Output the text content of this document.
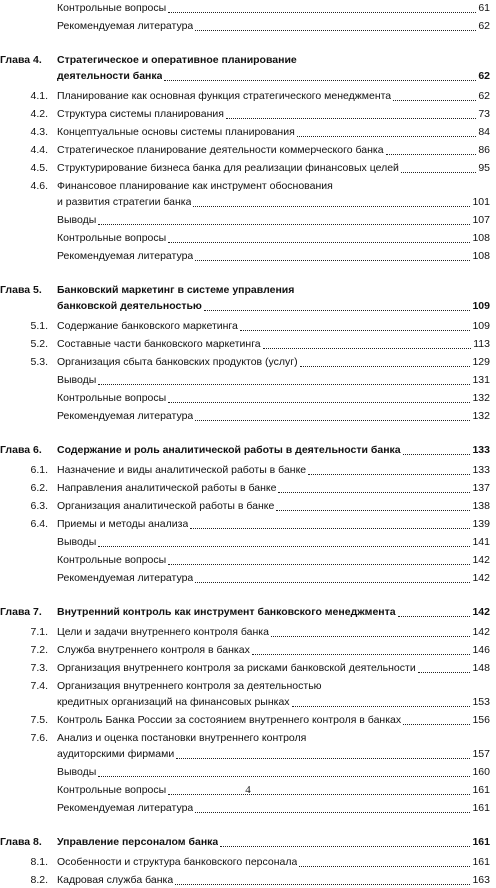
Контрольные вопросы	61
Рекомендуемая литература	62
Глава 4. Стратегическое и оперативное планирование
деятельности банка	62
4.1. Планирование как основная функция стратегического менеджмента	62
4.2. Структура системы планирования	73
4.3. Концептуальные основы системы планирования	84
4.4. Стратегическое планирование деятельности коммерческого банка	86
4.5. Структурирование бизнеса банка для реализации финансовых целей	95
4.6. Финансовое планирование как инструмент обоснования
и развития стратегии банка	101
Выводы	107
Контрольные вопросы	108
Рекомендуемая литература	108
Глава 5. Банковский маркетинг в системе управления
банковской деятельностью	109
5.1. Содержание банковского маркетинга	109
5.2. Составные части банковского маркетинга	113
5.3. Организация сбыта банковских продуктов (услуг)	129
Выводы	131
Контрольные вопросы	132
Рекомендуемая литература	132
Глава 6. Содержание и роль аналитической работы в деятельности банка	133
6.1. Назначение и виды аналитической работы в банке	133
6.2. Направления аналитической работы в банке	137
6.3. Организация аналитической работы в банке	138
6.4. Приемы и методы анализа	139
Выводы	141
Контрольные вопросы	142
Рекомендуемая литература	142
Глава 7. Внутренний контроль как инструмент банковского менеджмента	142
7.1. Цели и задачи внутреннего контроля банка	142
7.2. Служба внутреннего контроля в банках	146
7.3. Организация внутреннего контроля за рисками банковской деятельности	148
7.4. Организация внутреннего контроля за деятельностью
кредитных организаций на финансовых рынках	153
7.5. Контроль Банка России за состоянием внутреннего контроля в банках	156
7.6. Анализ и оценка постановки внутреннего контроля
аудиторскими фирмами	157
Выводы	160
Контрольные вопросы	161
Рекомендуемая литература	161
Глава 8. Управление персоналом банка	161
8.1. Особенности и структура банковского персонала	161
8.2. Кадровая служба банка	163
4
